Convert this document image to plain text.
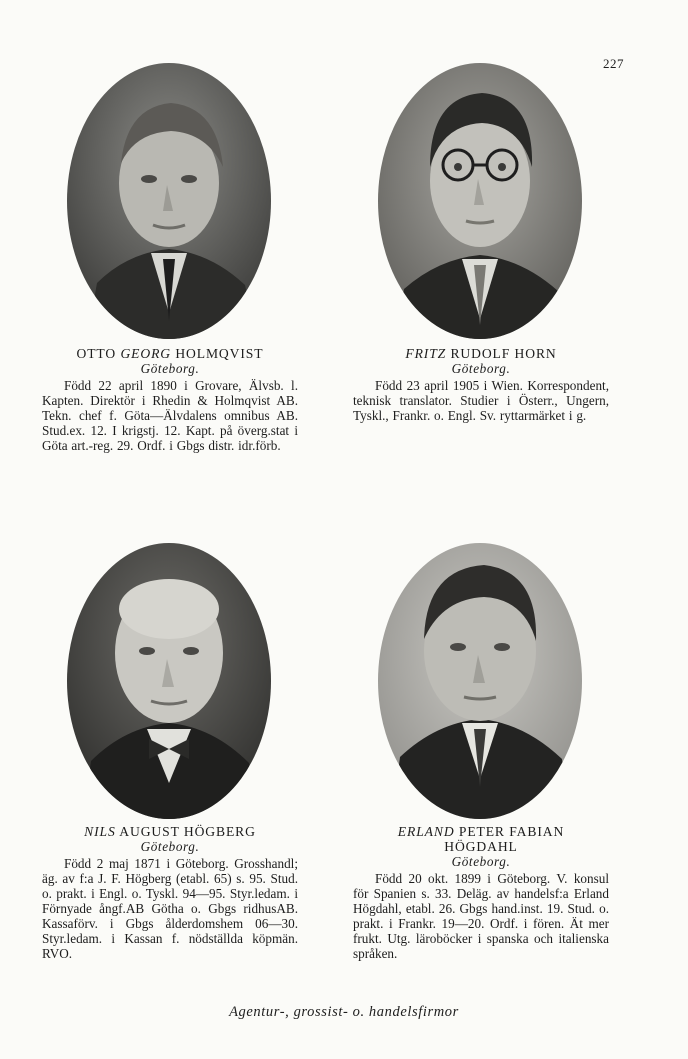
227
OTTO GEORG HOLMQVIST
Göteborg.

Född 22 april 1890 i Grovare, Älvsb. l. Kapten. Direktör i Rhedin & Holmqvist AB. Tekn. chef f. Göta—Älvdalens omnibus AB. Stud.ex. 12. I krigstj. 12. Kapt. på överg.stat i Göta art.-reg. 29. Ordf. i Gbgs distr. idr.förb.

FRITZ RUDOLF HORN
Göteborg.

Född 23 april 1905 i Wien. Korrespondent, teknisk translator. Studier i Österr., Ungern, Tyskl., Frankr. o. Engl. Sv. ryttarmärket i g.

NILS AUGUST HÖGBERG
Göteborg.

Född 2 maj 1871 i Göteborg. Grosshandl; äg. av f:a J. F. Högberg (etabl. 65) s. 95. Stud. o. prakt. i Engl. o. Tyskl. 94—95. Styr.ledam. i Förnyade ångf.AB Götha o. Gbgs ridhusAB. Kassaförv. i Gbgs ålderdomshem 06—30. Styr.ledam. i Kassan f. nödställda köpmän. RVO.

ERLAND PETER FABIAN
HÖGDAHL
Göteborg.

Född 20 okt. 1899 i Göteborg. V. konsul för Spanien s. 33. Deläg. av handelsf:a Erland Högdahl, etabl. 26. Gbgs hand.inst. 19. Stud. o. prakt. i Frankr. 19—20. Ordf. i fören. Ät mer frukt. Utg. läroböcker i spanska och italienska språken.

Agentur-, grossist- o. handelsfirmor
